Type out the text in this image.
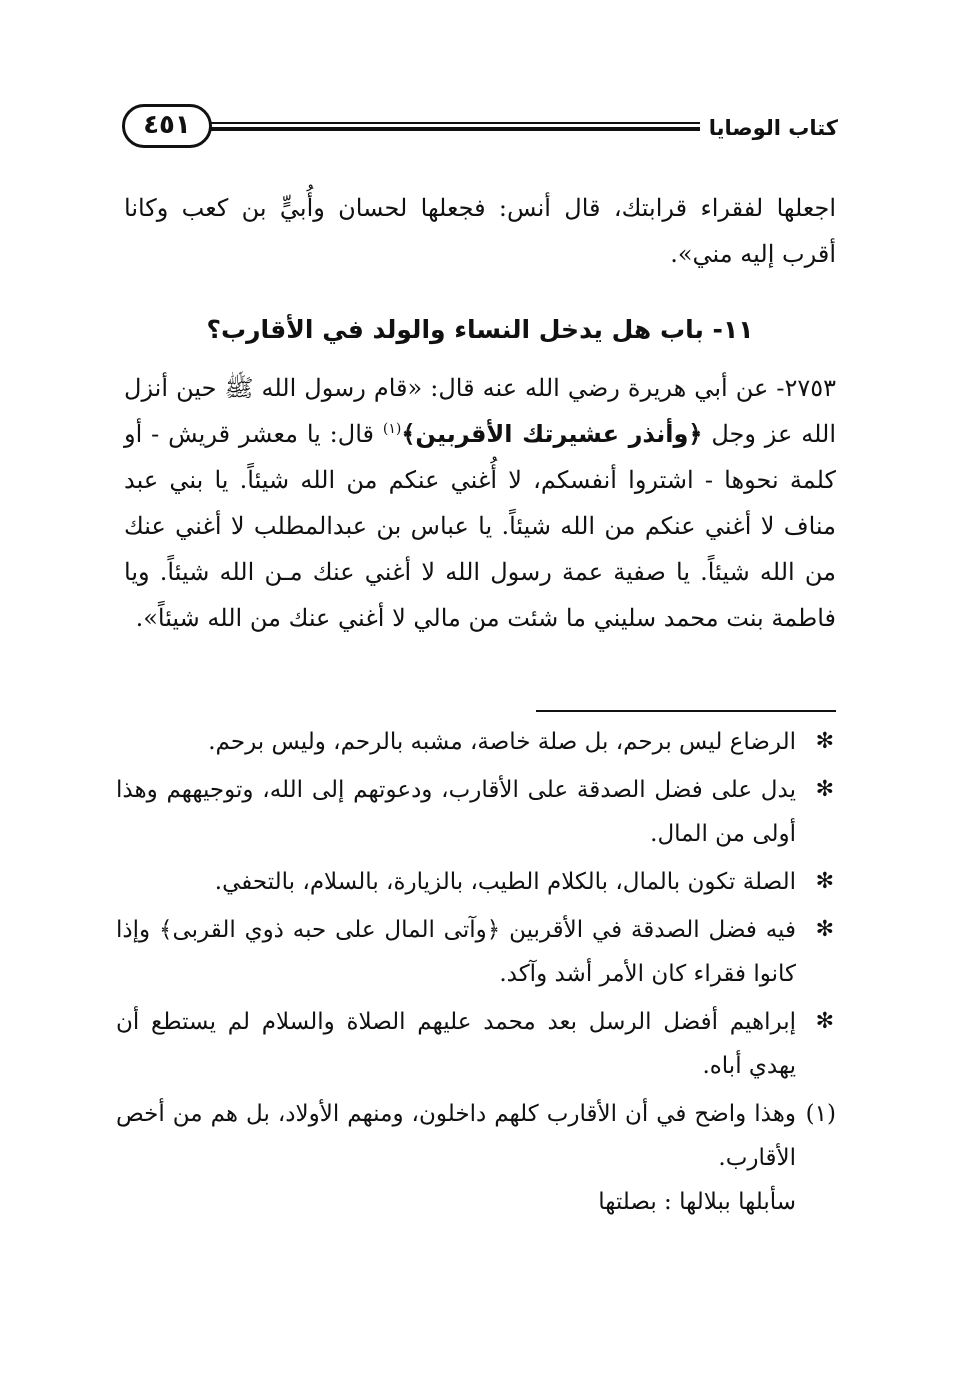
كتاب الوصايا
٤٥١
اجعلها لفقراء قرابتك، قال أنس: فجعلها لحسان وأُبيٍّ بن كعب وكانا أقرب إليه مني».
١١- باب هل يدخل النساء والولد في الأقارب؟
٢٧٥٣- عن أبي هريرة رضي الله عنه قال: «قام رسول الله ﷺ حين أنزل الله عز وجل ﴿وأنذر عشيرتك الأقربين﴾$^{(١)}$ قال: يا معشر قريش - أو كلمة نحوها - اشتروا أنفسكم، لا أُغني عنكم من الله شيئاً. يا بني عبد مناف لا أغني عنكم من الله شيئاً. يا عباس بن عبدالمطلب لا أغني عنك من الله شيئاً. يا صفية عمة رسول الله لا أغني عنك مـن الله شيئاً. ويا فاطمة بنت محمد سليني ما شئت من مالي لا أغني عنك من الله شيئاً».
✻
الرضاع ليس برحم، بل صلة خاصة، مشبه بالرحم، وليس برحم.
✻
يدل على فضل الصدقة على الأقارب، ودعوتهم إلى الله، وتوجيههم وهذا أولى من المال.
✻
الصلة تكون بالمال، بالكلام الطيب، بالزيارة، بالسلام، بالتحفي.
✻
فيه فضل الصدقة في الأقربين ﴿وآتى المال على حبه ذوي القربى﴾ وإذا كانوا فقراء كان الأمر أشد وآكد.
✻
إبراهيم أفضل الرسل بعد محمد عليهم الصلاة والسلام لم يستطع أن يهدي أباه.
(١)
وهذا واضح في أن الأقارب كلهم داخلون، ومنهم الأولاد، بل هم من أخص الأقارب.
سأبلها ببلالها : بصلتها
